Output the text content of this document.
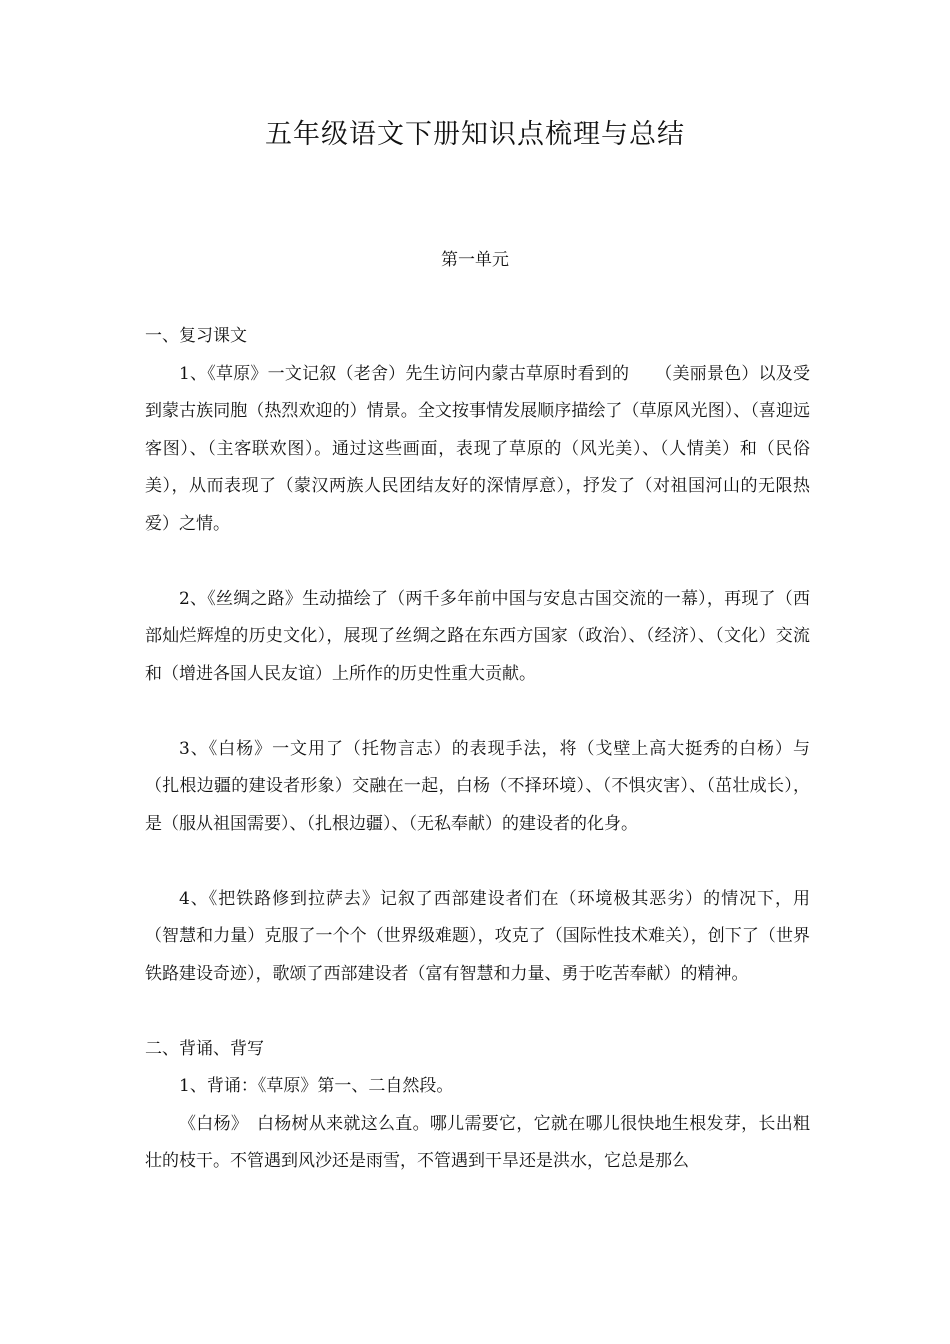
五年级语文下册知识点梳理与总结
第一单元

一、复习课文

1、《草原》一文记叙（老舍）先生访问内蒙古草原时看到的　　（美丽景色）以及受到蒙古族同胞（热烈欢迎的）情景。全文按事情发展顺序描绘了（草原风光图）、（喜迎远客图）、（主客联欢图）。通过这些画面，表现了草原的（风光美）、（人情美）和（民俗美），从而表现了（蒙汉两族人民团结友好的深情厚意），抒发了（对祖国河山的无限热爱）之情。

2、《丝绸之路》生动描绘了（两千多年前中国与安息古国交流的一幕），再现了（西部灿烂辉煌的历史文化），展现了丝绸之路在东西方国家（政治）、（经济）、（文化）交流和（增进各国人民友谊）上所作的历史性重大贡献。

3、《白杨》一文用了（托物言志）的表现手法，将（戈壁上高大挺秀的白杨）与（扎根边疆的建设者形象）交融在一起，白杨（不择环境）、（不惧灾害）、（茁壮成长），是（服从祖国需要）、（扎根边疆）、（无私奉献）的建设者的化身。

4、《把铁路修到拉萨去》记叙了西部建设者们在（环境极其恶劣）的情况下，用（智慧和力量）克服了一个个（世界级难题），攻克了（国际性技术难关），创下了（世界铁路建设奇迹），歌颂了西部建设者（富有智慧和力量、勇于吃苦奉献）的精神。

二、背诵、背写

1、背诵：《草原》第一、二自然段。

《白杨》　白杨树从来就这么直。哪儿需要它，它就在哪儿很快地生根发芽，长出粗壮的枝干。不管遇到风沙还是雨雪，不管遇到干旱还是洪水，它总是那么
